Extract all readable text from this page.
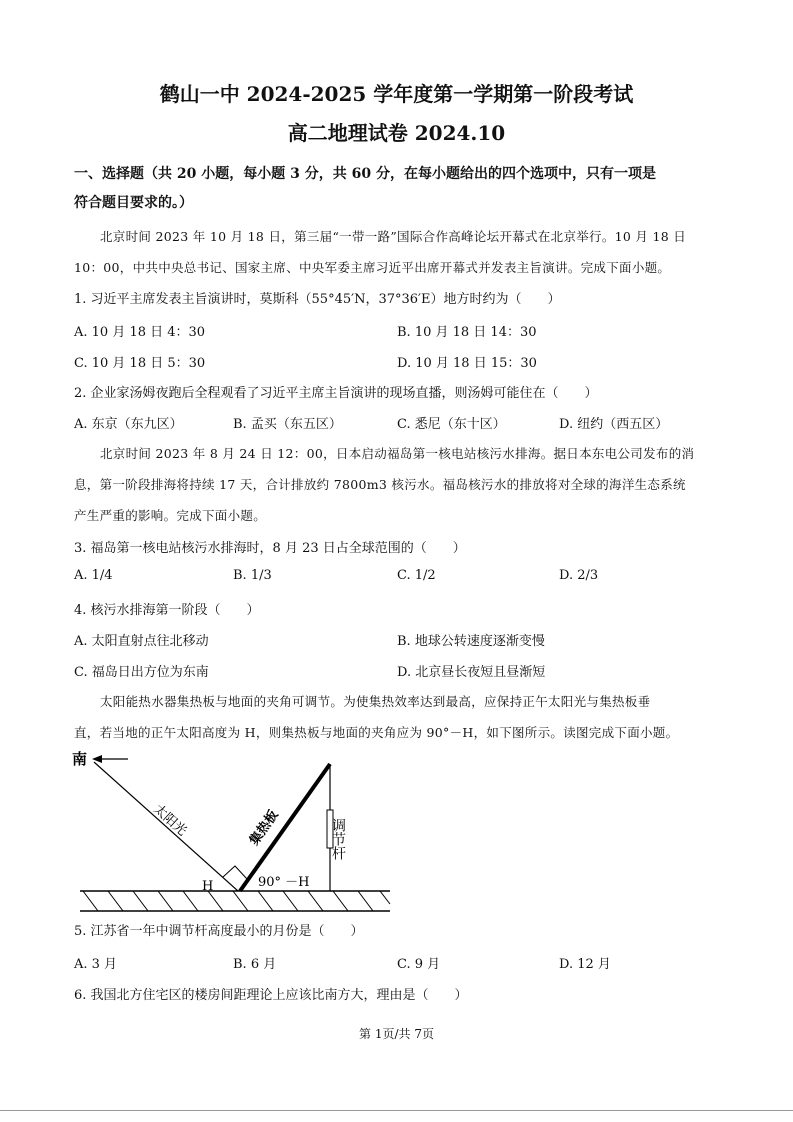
鹤山一中 2024-2025 学年度第一学期第一阶段考试
高二地理试卷 2024.10
一、选择题（共 20 小题，每小题 3 分，共 60 分，在每小题给出的四个选项中，只有一项是
符合题目要求的。）
北京时间 2023 年 10 月 18 日，第三届“一带一路”国际合作高峰论坛开幕式在北京举行。10 月 18 日
10：00，中共中央总书记、国家主席、中央军委主席习近平出席开幕式并发表主旨演讲。完成下面小题。
1. 习近平主席发表主旨演讲时，莫斯科（55°45′N，37°36′E）地方时约为（　　）
A. 10 月 18 日 4：30	B. 10 月 18 日 14：30
C. 10 月 18 日 5：30	D. 10 月 18 日 15：30
2. 企业家汤姆夜跑后全程观看了习近平主席主旨演讲的现场直播，则汤姆可能住在（　　）
A. 东京（东九区）	B. 孟买（东五区）	C. 悉尼（东十区）	D. 纽约（西五区）
北京时间 2023 年 8 月 24 日 12：00，日本启动福岛第一核电站核污水排海。据日本东电公司发布的消
息，第一阶段排海将持续 17 天，合计排放约 7800m3 核污水。福岛核污水的排放将对全球的海洋生态系统
产生严重的影响。完成下面小题。
3. 福岛第一核电站核污水排海时，8 月 23 日占全球范围的（　　）
A. 1/4	B. 1/3	C. 1/2	D. 2/3
4. 核污水排海第一阶段（　　）
A. 太阳直射点往北移动	B. 地球公转速度逐渐变慢
C. 福岛日出方位为东南	D. 北京昼长夜短且昼渐短
太阳能热水器集热板与地面的夹角可调节。为使集热效率达到最高，应保持正午太阳光与集热板垂
直，若当地的正午太阳高度为 H，则集热板与地面的夹角应为 90°－H，如下图所示。读图完成下面小题。
南
太阳光	集热板	调节杆
H	90° －H
5. 江苏省一年中调节杆高度最小的月份是（　　）
A. 3 月	B. 6 月	C. 9 月	D. 12 月
6. 我国北方住宅区的楼房间距理论上应该比南方大，理由是（　　）
第 1页/共 7页
